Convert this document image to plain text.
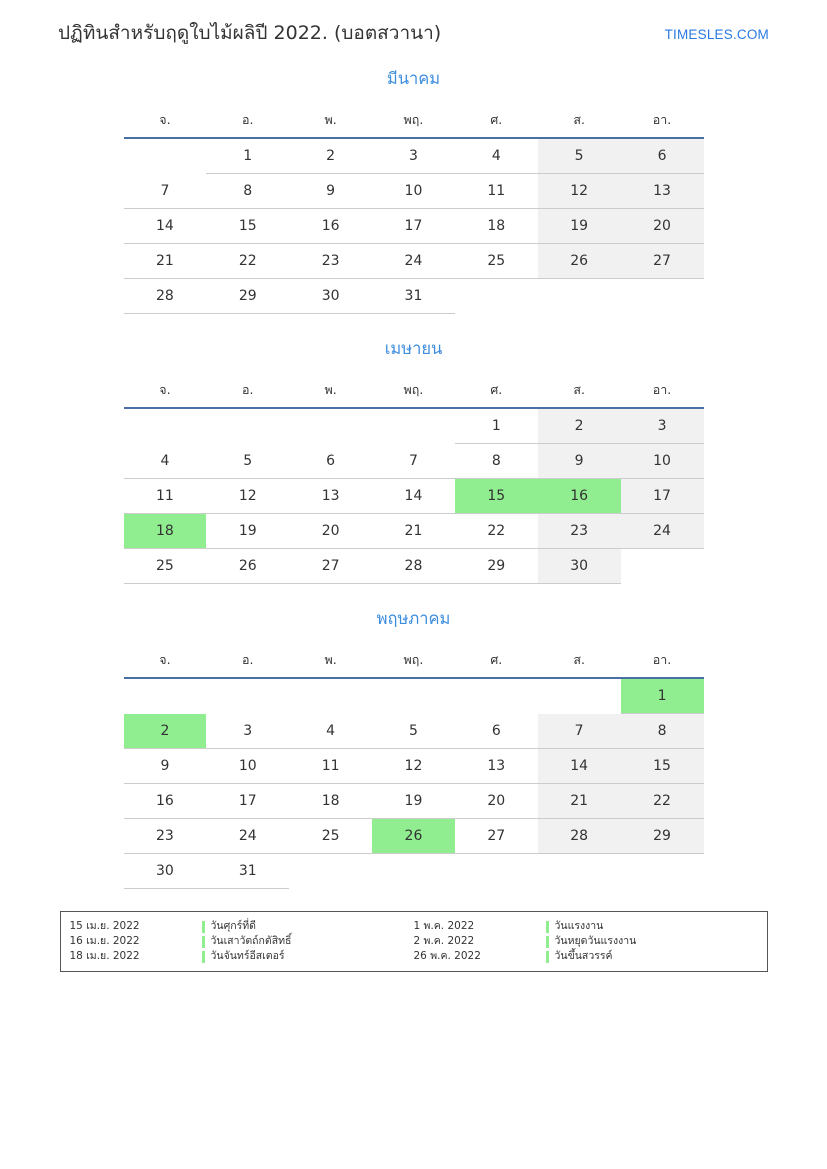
ปฏิทินสำหรับฤดูใบไม้ผลิปี 2022. (บอตสวานา)	TIMESLES.COM
มีนาคม
จ.	อ.	พ.	พฤ.	ศ.	ส.	อา.
	1	2	3	4	5	6
7	8	9	10	11	12	13
14	15	16	17	18	19	20
21	22	23	24	25	26	27
28	29	30	31			
เมษายน
จ.	อ.	พ.	พฤ.	ศ.	ส.	อา.
				1	2	3
4	5	6	7	8	9	10
11	12	13	14	15	16	17
18	19	20	21	22	23	24
25	26	27	28	29	30	
พฤษภาคม
จ.	อ.	พ.	พฤ.	ศ.	ส.	อา.
						1
2	3	4	5	6	7	8
9	10	11	12	13	14	15
16	17	18	19	20	21	22
23	24	25	26	27	28	29
30	31					
15 เม.ย. 2022	วันศุกร์ที่ดี
16 เม.ย. 2022	วันเสาวัตถ์กตัสิทธิ์
18 เม.ย. 2022	วันจันทร์อีสเตอร์
1 พ.ค. 2022	วันแรงงาน
2 พ.ค. 2022	วันหยุดวันแรงงาน
26 พ.ค. 2022	วันขึ้นสวรรค์
